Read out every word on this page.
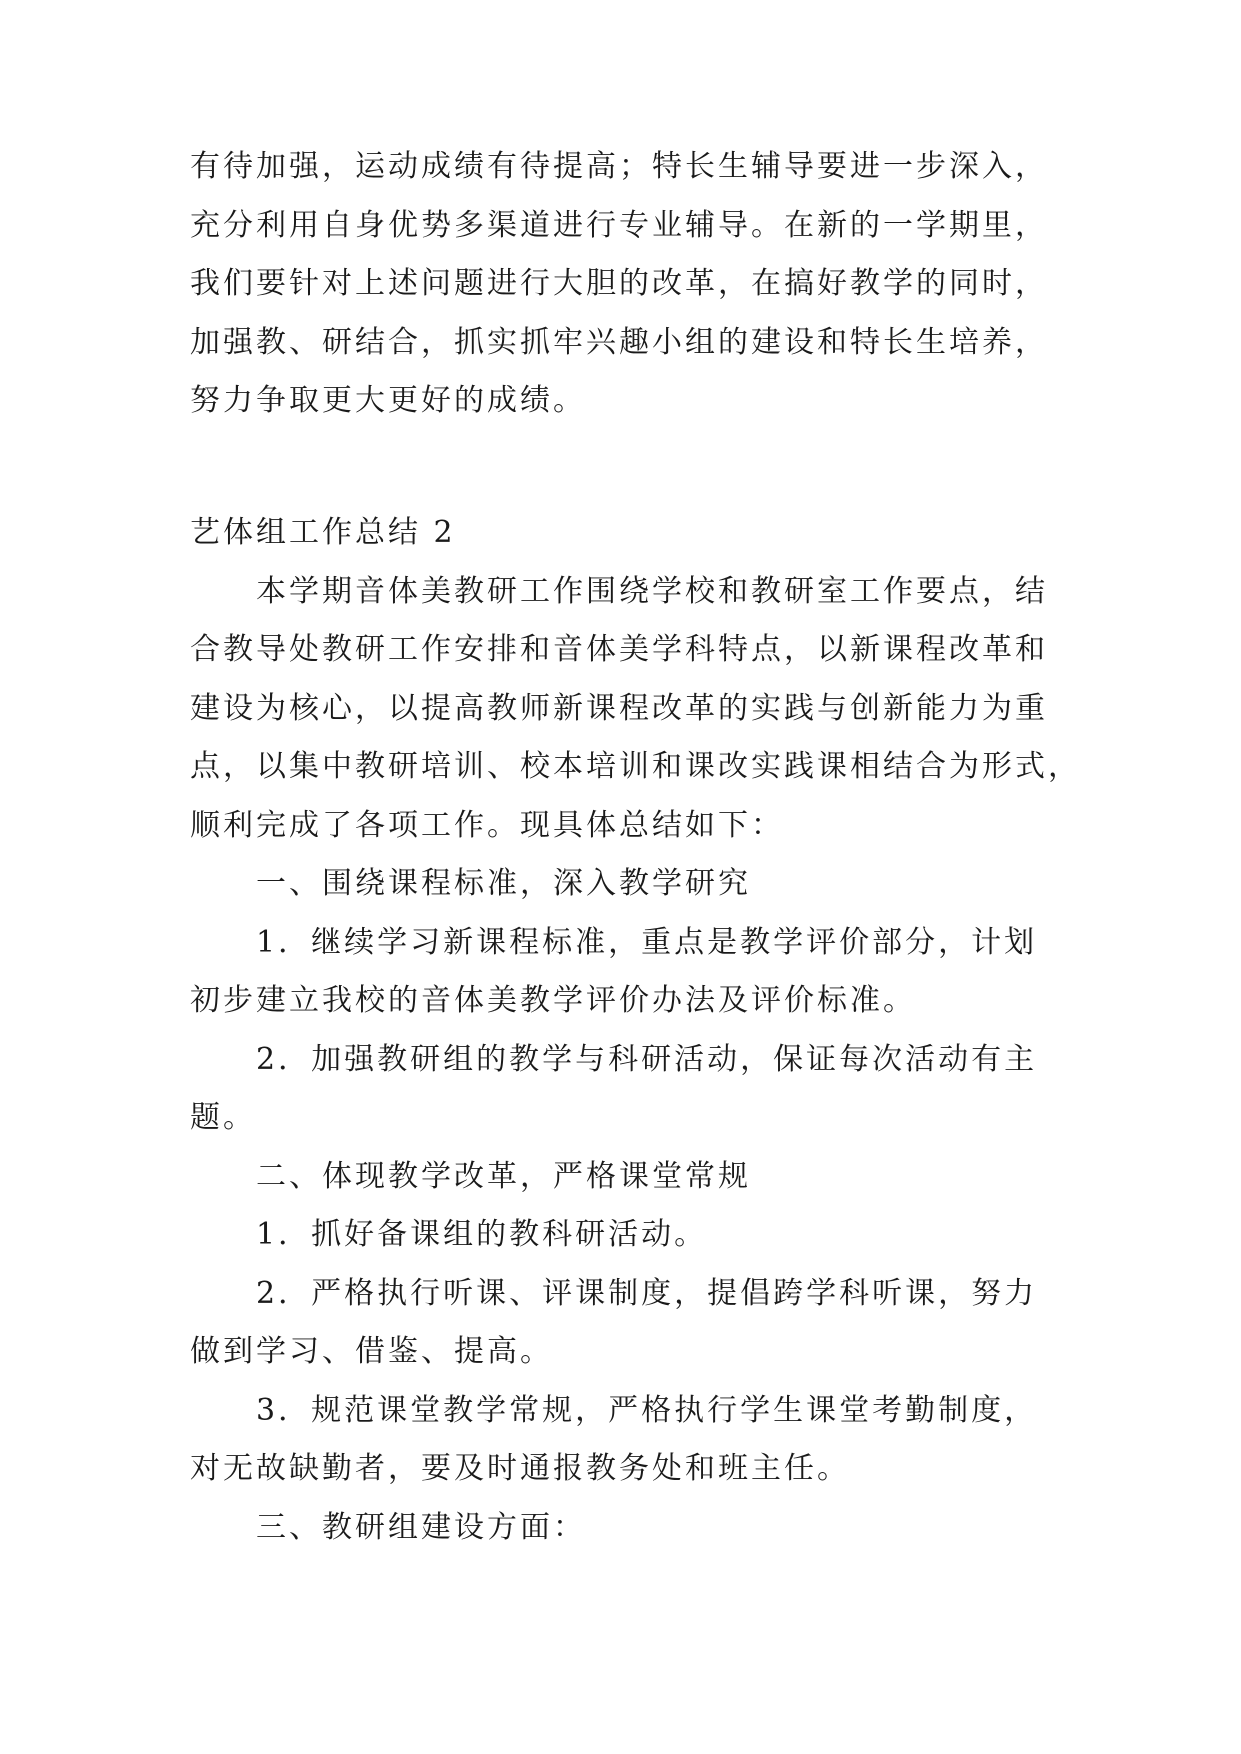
有待加强，运动成绩有待提高；特长生辅导要进一步深入，

充分利用自身优势多渠道进行专业辅导。在新的一学期里，

我们要针对上述问题进行大胆的改革，在搞好教学的同时，

加强教、研结合，抓实抓牢兴趣小组的建设和特长生培养，

努力争取更大更好的成绩。

艺体组工作总结 2

　　本学期音体美教研工作围绕学校和教研室工作要点，结

合教导处教研工作安排和音体美学科特点，以新课程改革和

建设为核心，以提高教师新课程改革的实践与创新能力为重

点，以集中教研培训、校本培训和课改实践课相结合为形式，

顺利完成了各项工作。现具体总结如下：

　　一、围绕课程标准，深入教学研究

　　1．继续学习新课程标准，重点是教学评价部分，计划

初步建立我校的音体美教学评价办法及评价标准。

　　2．加强教研组的教学与科研活动，保证每次活动有主

题。

　　二、体现教学改革，严格课堂常规

　　1．抓好备课组的教科研活动。

　　2．严格执行听课、评课制度，提倡跨学科听课，努力

做到学习、借鉴、提高。

　　3．规范课堂教学常规，严格执行学生课堂考勤制度，

对无故缺勤者，要及时通报教务处和班主任。

　　三、教研组建设方面：
